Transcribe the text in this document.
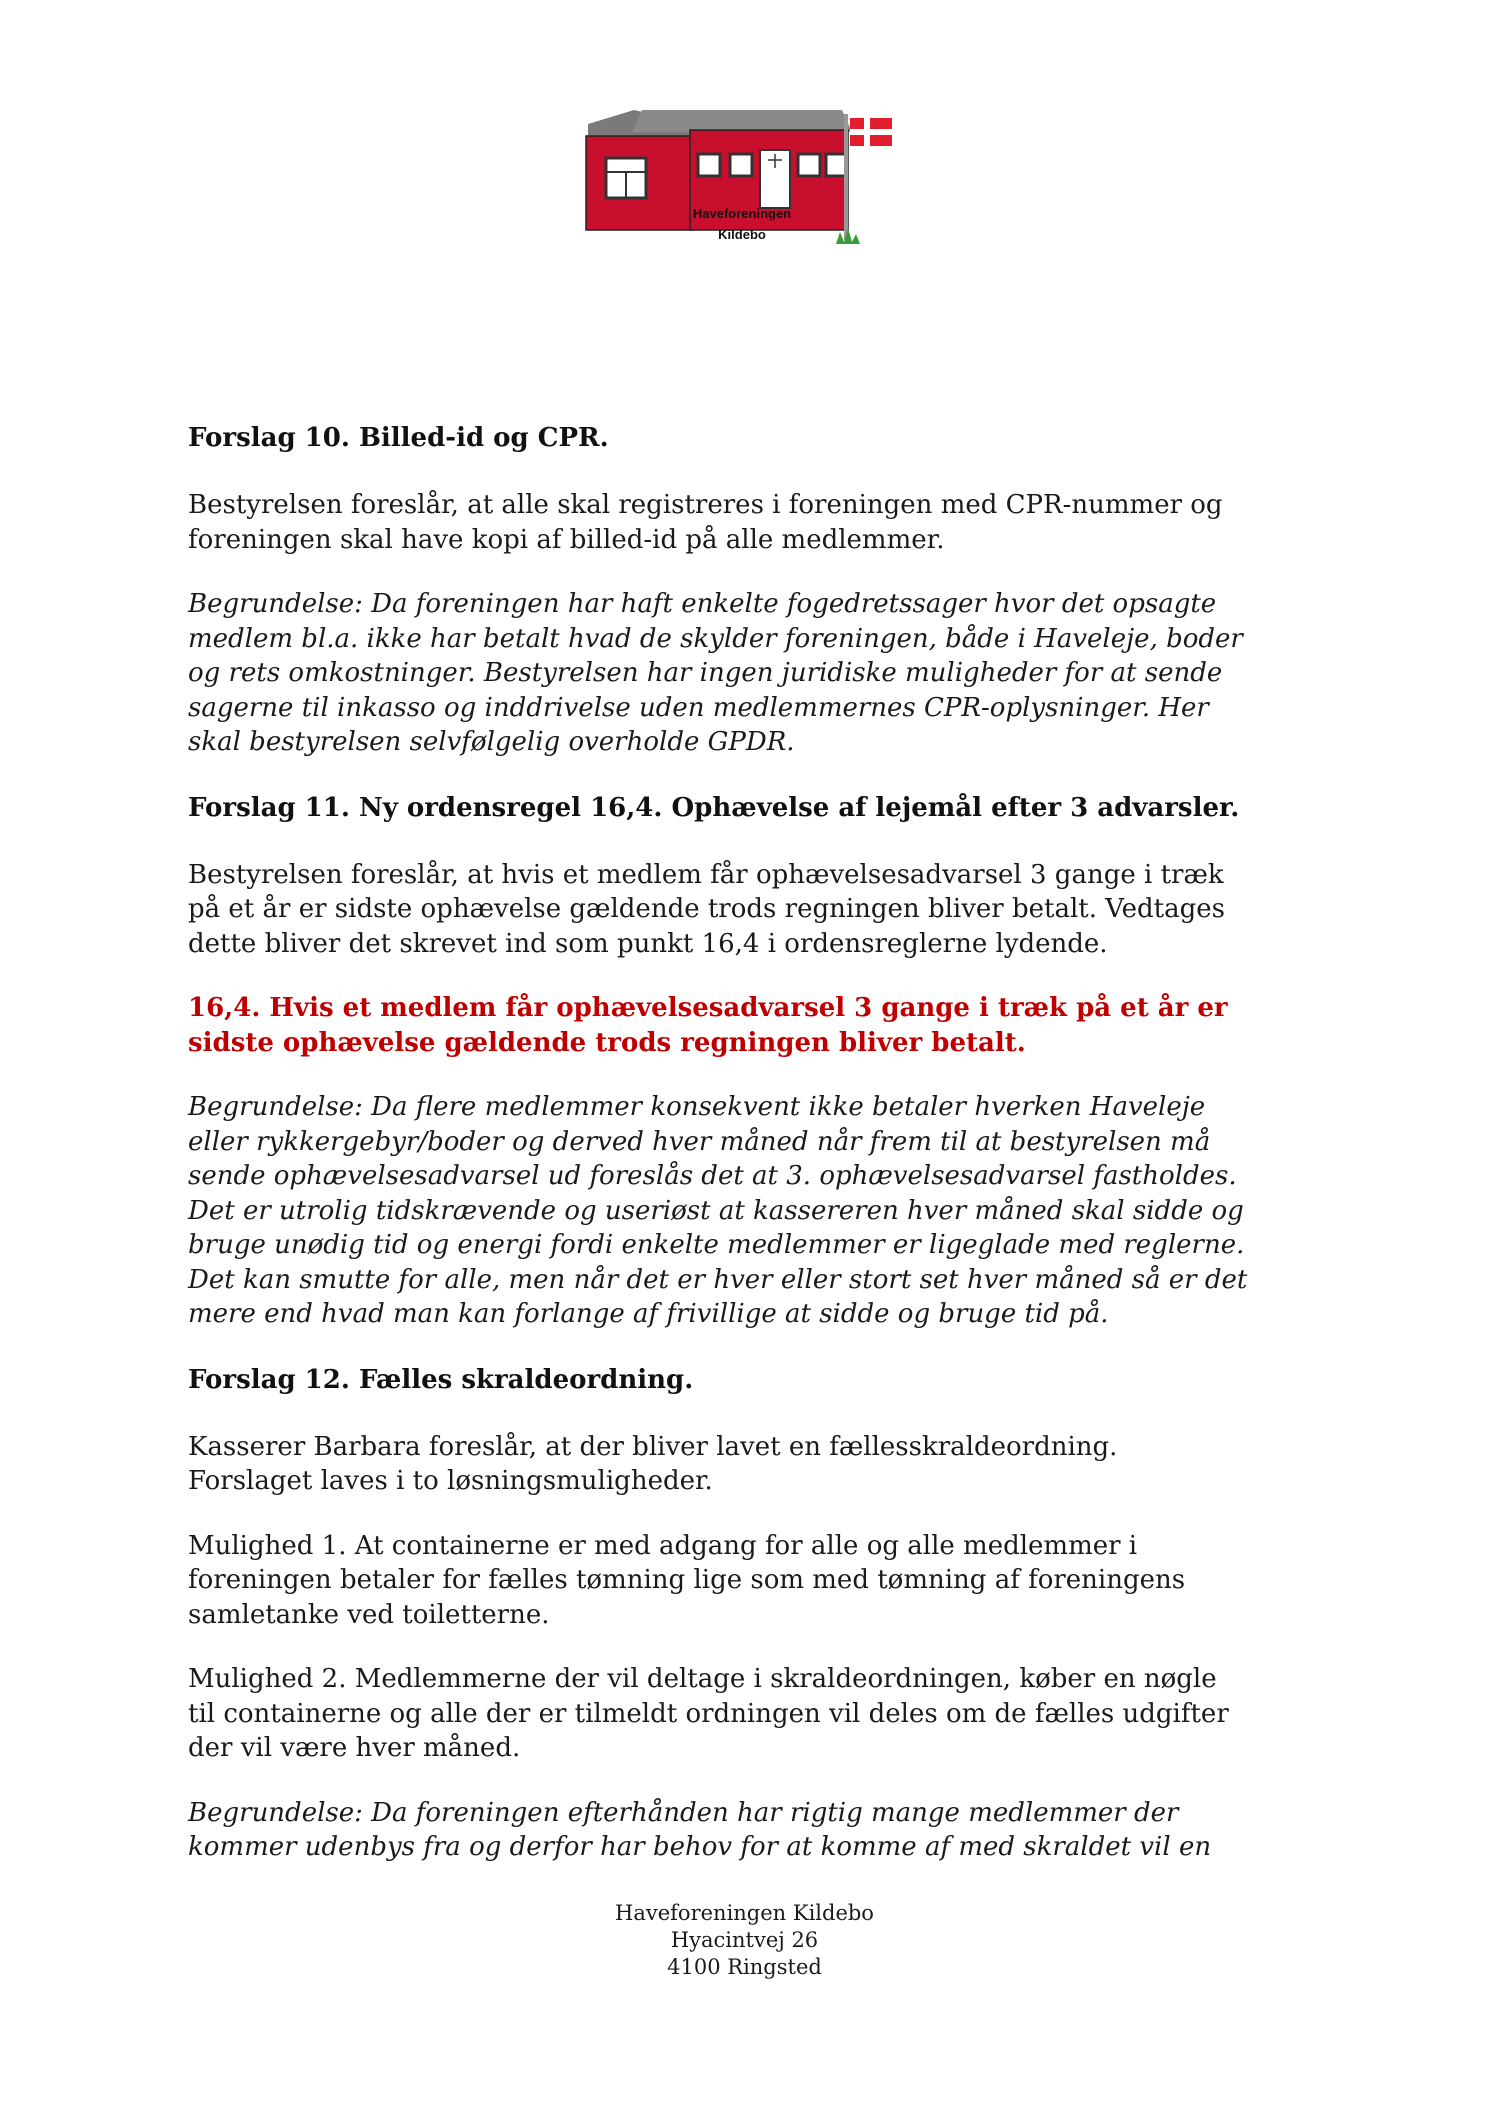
Haveforeningen
Kildebo
Forslag 10. Billed-id og CPR.

Bestyrelsen foreslår, at alle skal registreres i foreningen med CPR-nummer og
foreningen skal have kopi af billed-id på alle medlemmer.

Begrundelse: Da foreningen har haft enkelte fogedretssager hvor det opsagte
medlem bl.a. ikke har betalt hvad de skylder foreningen, både i Haveleje, boder
og rets omkostninger. Bestyrelsen har ingen juridiske muligheder for at sende
sagerne til inkasso og inddrivelse uden medlemmernes CPR-oplysninger. Her
skal bestyrelsen selvfølgelig overholde GPDR.

Forslag 11. Ny ordensregel 16,4. Ophævelse af lejemål efter 3 advarsler.

Bestyrelsen foreslår, at hvis et medlem får ophævelsesadvarsel 3 gange i træk
på et år er sidste ophævelse gældende trods regningen bliver betalt. Vedtages
dette bliver det skrevet ind som punkt 16,4 i ordensreglerne lydende.

16,4. Hvis et medlem får ophævelsesadvarsel 3 gange i træk på et år er
sidste ophævelse gældende trods regningen bliver betalt.

Begrundelse: Da flere medlemmer konsekvent ikke betaler hverken Haveleje
eller rykkergebyr/boder og derved hver måned når frem til at bestyrelsen må
sende ophævelsesadvarsel ud foreslås det at 3. ophævelsesadvarsel fastholdes.
Det er utrolig tidskrævende og useriøst at kassereren hver måned skal sidde og
bruge unødig tid og energi fordi enkelte medlemmer er ligeglade med reglerne.
Det kan smutte for alle, men når det er hver eller stort set hver måned så er det
mere end hvad man kan forlange af frivillige at sidde og bruge tid på.

Forslag 12. Fælles skraldeordning.

Kasserer Barbara foreslår, at der bliver lavet en fællesskraldeordning.
Forslaget laves i to løsningsmuligheder.

Mulighed 1. At containerne er med adgang for alle og alle medlemmer i
foreningen betaler for fælles tømning lige som med tømning af foreningens
samletanke ved toiletterne.

Mulighed 2. Medlemmerne der vil deltage i skraldeordningen, køber en nøgle
til containerne og alle der er tilmeldt ordningen vil deles om de fælles udgifter
der vil være hver måned.

Begrundelse: Da foreningen efterhånden har rigtig mange medlemmer der
kommer udenbys fra og derfor har behov for at komme af med skraldet vil en

Haveforeningen Kildebo
Hyacintvej 26
4100 Ringsted
